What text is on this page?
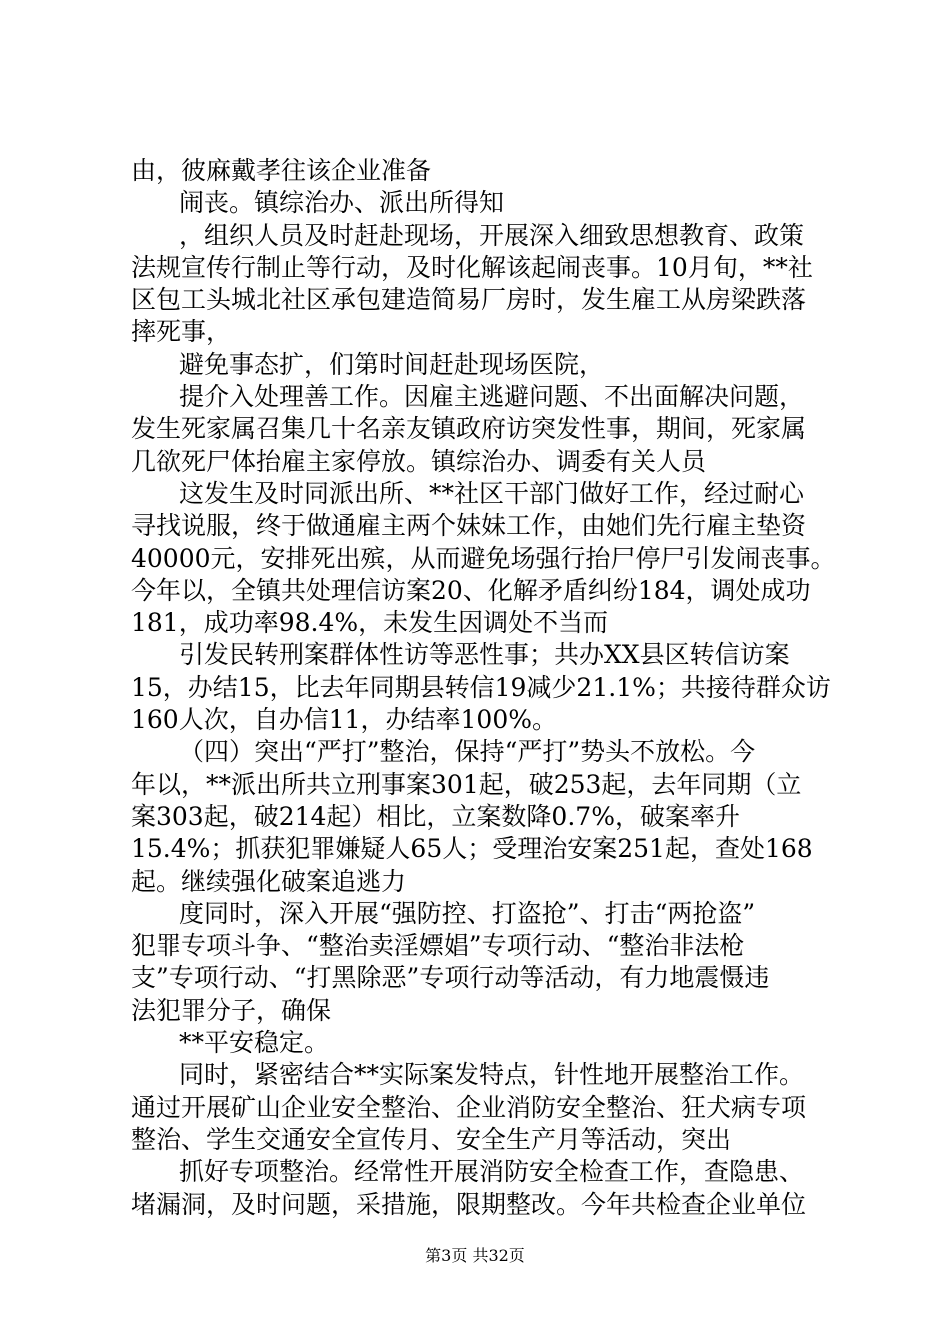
由，彼麻戴孝往该企业准备
闹丧。镇综治办、派出所得知
，组织人员及时赶赴现场，开展深入细致思想教育、政策
法规宣传行制止等行动，及时化解该起闹丧事。10月旬，**社
区包工头城北社区承包建造简易厂房时，发生雇工从房梁跌落
摔死事，
避免事态扩，们第时间赶赴现场医院，
提介入处理善工作。因雇主逃避问题、不出面解决问题，
发生死家属召集几十名亲友镇政府访突发性事，期间，死家属
几欲死尸体抬雇主家停放。镇综治办、调委有关人员
这发生及时同派出所、**社区干部门做好工作，经过耐心
寻找说服，终于做通雇主两个妹妹工作，由她们先行雇主垫资
40000元，安排死出殡，从而避免场强行抬尸停尸引发闹丧事。
今年以，全镇共处理信访案20、化解矛盾纠纷184，调处成功
181，成功率98.4%，未发生因调处不当而
引发民转刑案群体性访等恶性事；共办XX县区转信访案
15，办结15，比去年同期县转信19减少21.1%；共接待群众访
160人次，自办信11，办结率100%。
（四）突出“严打”整治，保持“严打”势头不放松。今
年以，**派出所共立刑事案301起，破253起，去年同期（立
案303起，破214起）相比，立案数降0.7%，破案率升
15.4%；抓获犯罪嫌疑人65人；受理治安案251起，查处168
起。继续强化破案追逃力
度同时，深入开展“强防控、打盗抢”、打击“两抢盗”
犯罪专项斗争、“整治卖淫嫖娼”专项行动、“整治非法枪
支”专项行动、“打黑除恶”专项行动等活动，有力地震慑违
法犯罪分子，确保
**平安稳定。
同时，紧密结合**实际案发特点，针性地开展整治工作。
通过开展矿山企业安全整治、企业消防安全整治、狂犬病专项
整治、学生交通安全宣传月、安全生产月等活动，突出
抓好专项整治。经常性开展消防安全检查工作，查隐患、
堵漏洞，及时问题，采措施，限期整改。今年共检查企业单位
第3页 共32页
